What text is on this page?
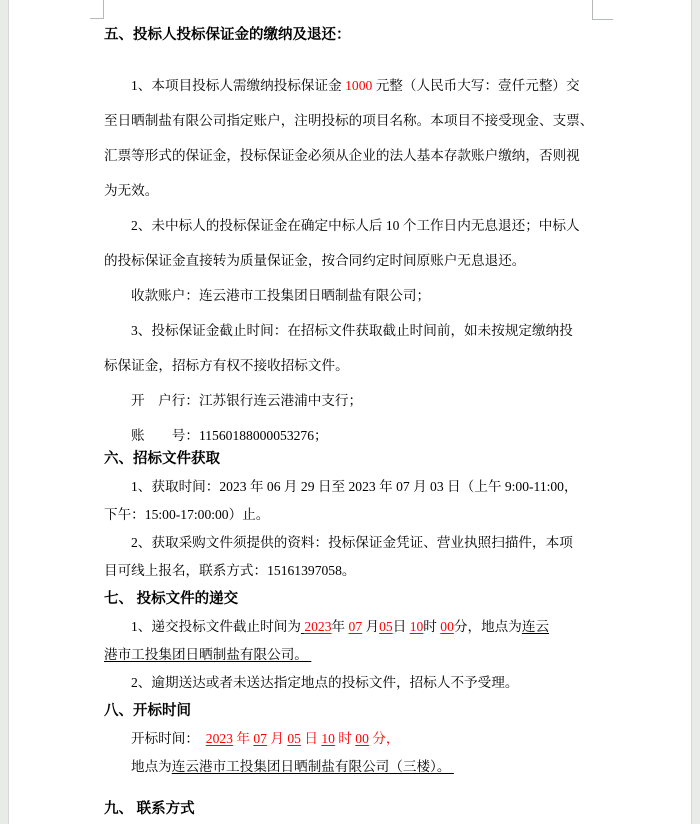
五、投标人投标保证金的缴纳及退还：
1、本项目投标人需缴纳投标保证金 1000 元整（人民币大写：壹仟元整）交
至日晒制盐有限公司指定账户，注明投标的项目名称。本项目不接受现金、支票、
汇票等形式的保证金，投标保证金必须从企业的法人基本存款账户缴纳，否则视
为无效。
2、未中标人的投标保证金在确定中标人后 10 个工作日内无息退还；中标人
的投标保证金直接转为质量保证金，按合同约定时间原账户无息退还。
收款账户：连云港市工投集团日晒制盐有限公司；
3、投标保证金截止时间：在招标文件获取截止时间前，如未按规定缴纳投
标保证金，招标方有权不接收招标文件。
开　户行：江苏银行连云港浦中支行；
账　　号：11560188000053276；
六、招标文件获取
1、获取时间：2023 年 06 月 29 日至 2023 年 07 月 03 日（上午 9:00-11:00，
下午：15:00-17:00:00）止。
2、获取采购文件须提供的资料：投标保证金凭证、营业执照扫描件，本项
目可线上报名，联系方式：15161397058。
七、 投标文件的递交
1、递交投标文件截止时间为 2023年 07 月05日 10时 00分，地点为连云
港市工投集团日晒制盐有限公司。
2、逾期送达或者未送达指定地点的投标文件，招标人不予受理。
八、开标时间
开标时间： 2023 年 07 月 05 日 10 时 00 分，
地点为连云港市工投集团日晒制盐有限公司（三楼）。
九、 联系方式
